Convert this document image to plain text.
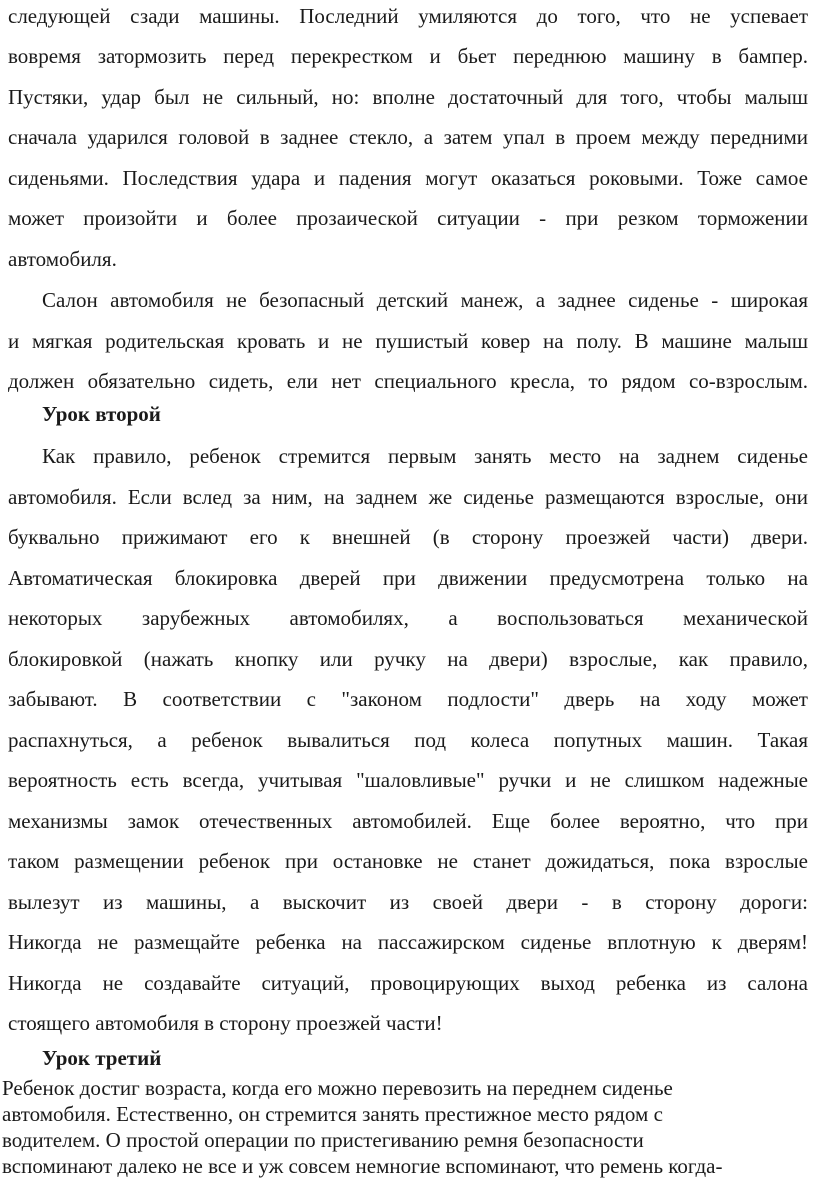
следующей сзади машины. Последний умиляются до того, что не успевает
вовремя затормозить перед перекрестком и бьет переднюю машину в бампер.
Пустяки, удар был не сильный, но: вполне достаточный для того, чтобы малыш
сначала ударился головой в заднее стекло, а затем упал в проем между передними
сиденьями. Последствия удара и падения могут оказаться роковыми. Тоже самое
может произойти и более прозаической ситуации - при резком торможении
автомобиля.
Салон автомобиля не безопасный детский манеж, а заднее сиденье - широкая
и мягкая родительская кровать и не пушистый ковер на полу. В машине малыш
должен обязательно сидеть, ели нет специального кресла, то рядом со-взрослым.
Урок второй
Как правило, ребенок стремится первым занять место на заднем сиденье
автомобиля. Если вслед за ним, на заднем же сиденье размещаются взрослые, они
буквально прижимают его к внешней (в сторону проезжей части) двери.
Автоматическая блокировка дверей при движении предусмотрена только на
некоторых зарубежных автомобилях, а воспользоваться механической
блокировкой (нажать кнопку или ручку на двери) взрослые, как правило,
забывают. В соответствии с "законом подлости" дверь на ходу может
распахнуться, а ребенок вывалиться под колеса попутных машин. Такая
вероятность есть всегда, учитывая "шаловливые" ручки и не слишком надежные
механизмы замок отечественных автомобилей. Еще более вероятно, что при
таком размещении ребенок при остановке не станет дожидаться, пока взрослые
вылезут из машины, а выскочит из своей двери - в сторону дороги:
Никогда не размещайте ребенка на пассажирском сиденье вплотную к дверям!
Никогда не создавайте ситуаций, провоцирующих выход ребенка из салона
стоящего автомобиля в сторону проезжей части!
Урок третий
Ребенок достиг возраста, когда его можно перевозить на переднем сиденье
автомобиля. Естественно, он стремится занять престижное место рядом с
водителем. О простой операции по пристегиванию ремня безопасности
вспоминают далеко не все и уж совсем немногие вспоминают, что ремень когда-
